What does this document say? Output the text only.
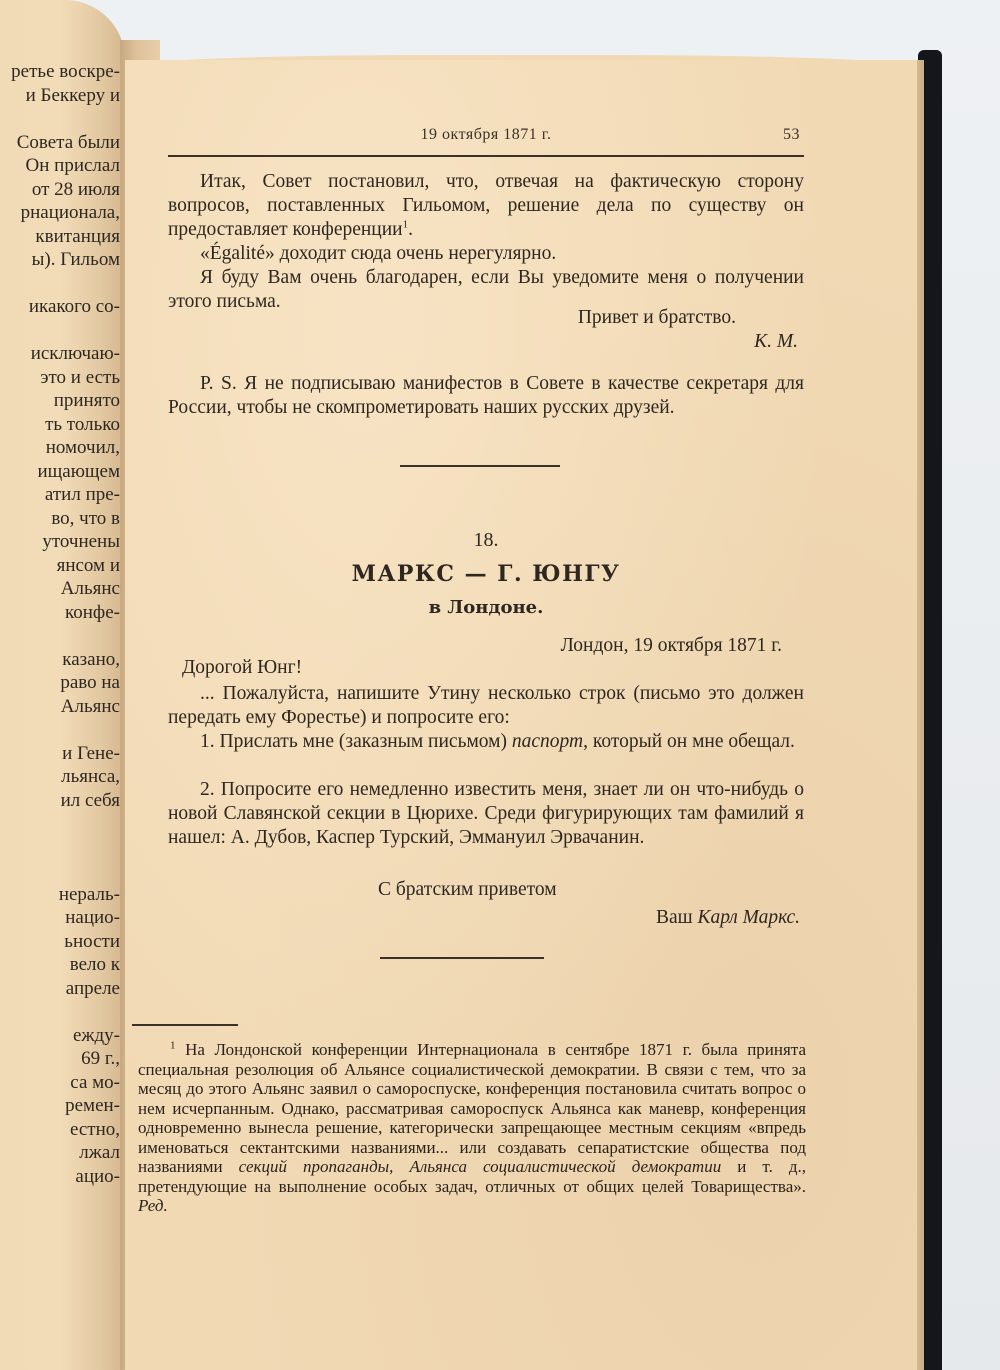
ретье воскре-
и Беккеру и

Совета были
Он прислал
от 28 июля
рнационала,
квитанция
ы). Гильом

икакого со-

исключаю-
это и есть
принято
ть только
номочил,
ищающем
атил пре-
во, что в
уточнены
янсом и
Альянс
конфе-

казано,
раво на
Альянс

и Гене-
льянса,
ил себя

нераль-
нацио-
ьности
вело к
апреле

ежду-
69 г.,
са мо-
ремен-
естно,
лжал
ацио-
19 октября 1871 г.	53
Итак, Совет постановил, что, отвечая на фактическую сторону вопросов, поставленных Гильомом, решение дела по существу он предоставляет конференции$^1$.
«Égalité» доходит сюда очень нерегулярно.
Я буду Вам очень благодарен, если Вы уведомите меня о получении этого письма.
Привет и братство.
К. М.
P. S. Я не подписываю манифестов в Совете в качестве секретаря для России, чтобы не скомпрометировать наших русских друзей.
18.
МАРКС — Г. ЮНГУ
в Лондоне.
Лондон, 19 октября 1871 г.
Дорогой Юнг!
... Пожалуйста, напишите Утину несколько строк (письмо это должен передать ему Форестье) и попросите его:
1. Прислать мне (заказным письмом) паспорт, который он мне обещал.
2. Попросите его немедленно известить меня, знает ли он что-нибудь о новой Славянской секции в Цюрихе. Среди фигурирующих там фамилий я нашел: А. Дубов, Каспер Турский, Эммануил Эрвачанин.
С братским приветом
Ваш Карл Маркс.
$^1$ На Лондонской конференции Интернационала в сентябре 1871 г. была принята специальная резолюция об Альянсе социалистической демократии. В связи с тем, что за месяц до этого Альянс заявил о самороспуске, конференция постановила считать вопрос о нем исчерпанным. Однако, рассматривая самороспуск Альянса как маневр, конференция одновременно вынесла решение, категорически запрещающее местным секциям «впредь именоваться сектантскими названиями... или создавать сепаратистские общества под названиями секций пропаганды, Альянса социалистической демократии и т. д., претендующие на выполнение особых задач, отличных от общих целей Товарищества». Ред.
